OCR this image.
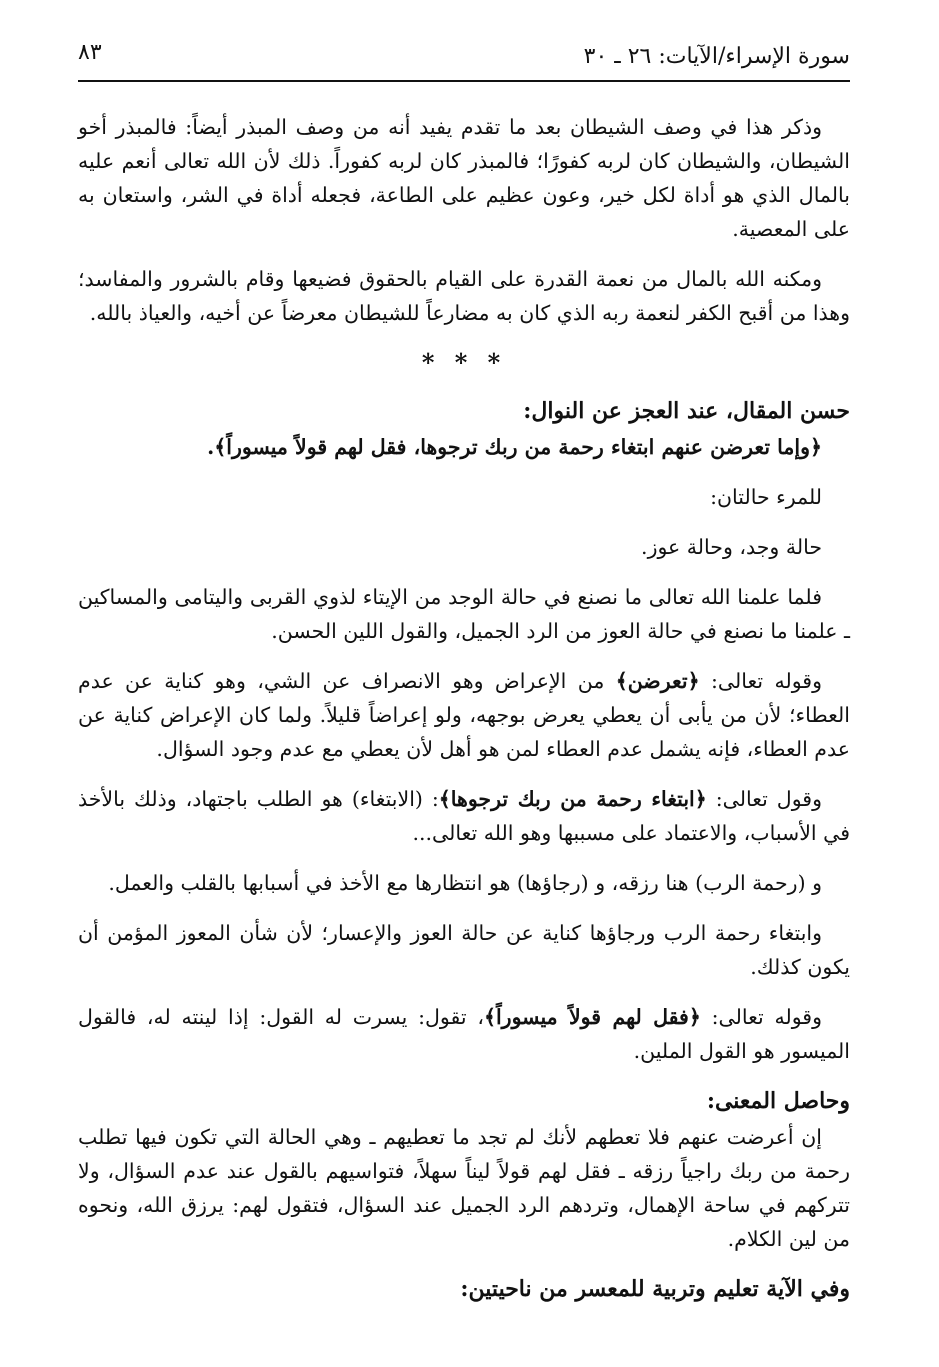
سورة الإسراء/الآيات: ٢٦ ـ ٣٠
٨٣

وذكر هذا في وصف الشيطان بعد ما تقدم يفيد أنه من وصف المبذر أيضاً: فالمبذر أخو الشيطان، والشيطان كان لربه كفورًا؛ فالمبذر كان لربه كفوراً. ذلك لأن الله تعالى أنعم عليه بالمال الذي هو أداة لكل خير، وعون عظيم على الطاعة، فجعله أداة في الشر، واستعان به على المعصية.

ومكنه الله بالمال من نعمة القدرة على القيام بالحقوق فضيعها وقام بالشرور والمفاسد؛ وهذا من أقبح الكفر لنعمة ربه الذي كان به مضارعاً للشيطان معرضاً عن أخيه، والعياذ بالله.

* * *
حسن المقال، عند العجز عن النوال:

﴿وإما تعرضن عنهم ابتغاء رحمة من ربك ترجوها، فقل لهم قولاً ميسوراً﴾.

للمرء حالتان:

حالة وجد، وحالة عوز.

فلما علمنا الله تعالى ما نصنع في حالة الوجد من الإيتاء لذوي القربى واليتامى والمساكين ـ علمنا ما نصنع في حالة العوز من الرد الجميل، والقول اللين الحسن.

وقوله تعالى: ﴿تعرضن﴾ من الإعراض وهو الانصراف عن الشي، وهو كناية عن عدم العطاء؛ لأن من يأبى أن يعطي يعرض بوجهه، ولو إعراضاً قليلاً. ولما كان الإعراض كناية عن عدم العطاء، فإنه يشمل عدم العطاء لمن هو أهل لأن يعطي مع عدم وجود السؤال.

وقول تعالى: ﴿ابتغاء رحمة من ربك ترجوها﴾: (الابتغاء) هو الطلب باجتهاد، وذلك بالأخذ في الأسباب، والاعتماد على مسببها وهو الله تعالى...

و (رحمة الرب) هنا رزقه، و (رجاؤها) هو انتظارها مع الأخذ في أسبابها بالقلب والعمل.

وابتغاء رحمة الرب ورجاؤها كناية عن حالة العوز والإعسار؛ لأن شأن المعوز المؤمن أن يكون كذلك.

وقوله تعالى: ﴿فقل لهم قولاً ميسوراً﴾، تقول: يسرت له القول: إذا لينته له، فالقول الميسور هو القول الملين.

وحاصل المعنى:

إن أعرضت عنهم فلا تعطهم لأنك لم تجد ما تعطيهم ـ وهي الحالة التي تكون فيها تطلب رحمة من ربك راجياً رزقه ـ فقل لهم قولاً ليناً سهلاً، فتواسيهم بالقول عند عدم السؤال، ولا تتركهم في ساحة الإهمال، وتردهم الرد الجميل عند السؤال، فتقول لهم: يرزق الله، ونحوه من لين الكلام.

وفي الآية تعليم وتربية للمعسر من ناحيتين:
